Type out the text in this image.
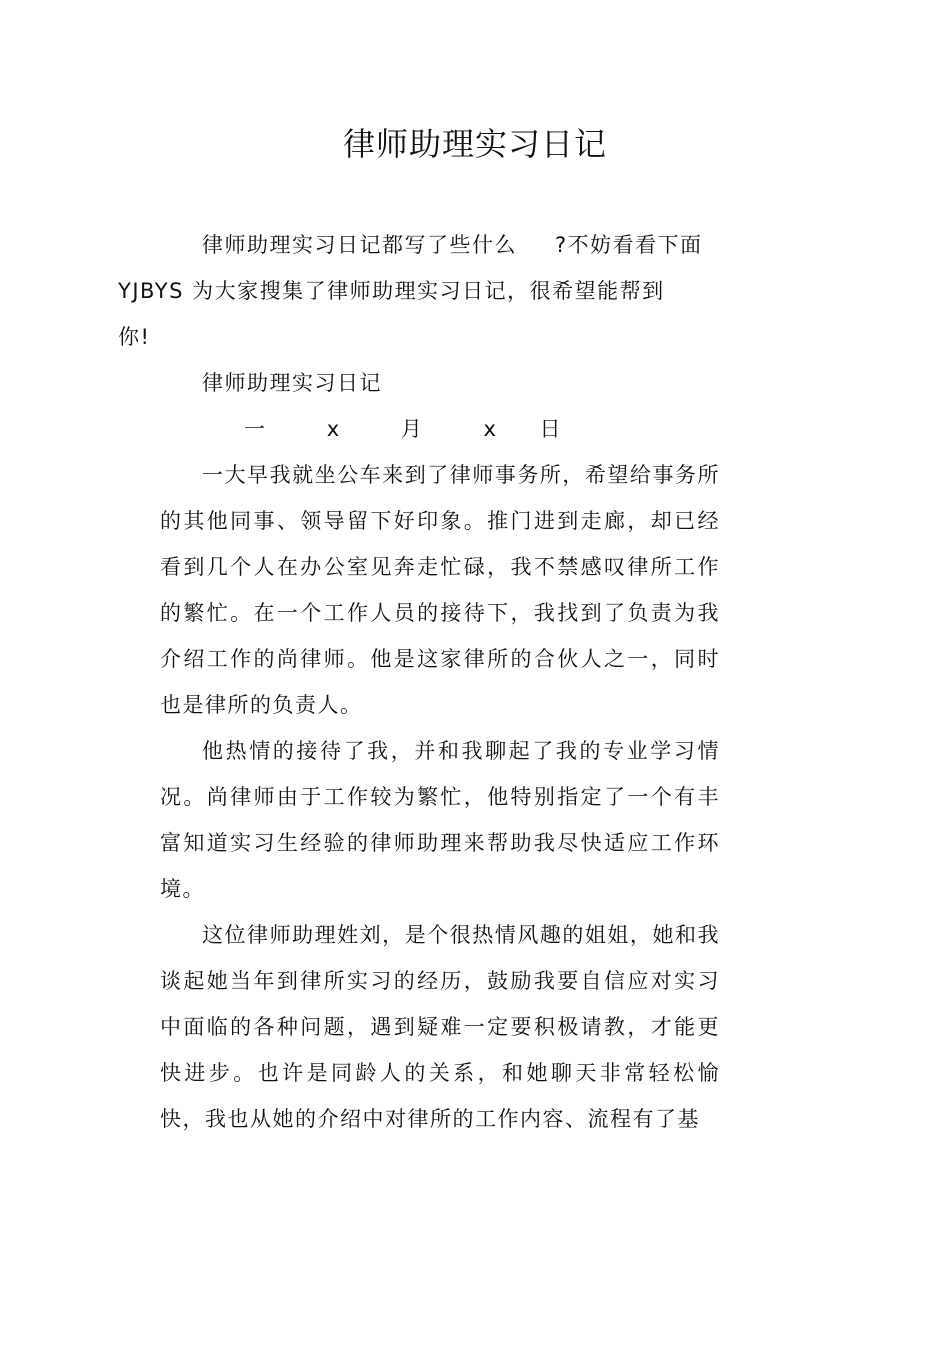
律师助理实习日记

律师助理实习日记都写了些什么 ?不妨看看下面
YJBYS 为大家搜集了律师助理实习日记，很希望能帮到
你!

律师助理实习日记

一	x	月	x 日

一大早我就坐公车来到了律师事务所，希望给事务所的其他同事、领导留下好印象。推门进到走廊，却已经看到几个人在办公室见奔走忙碌，我不禁感叹律所工作的繁忙。在一个工作人员的接待下，我找到了负责为我介绍工作的尚律师。他是这家律所的合伙人之一，同时也是律所的负责人。

他热情的接待了我，并和我聊起了我的专业学习情况。尚律师由于工作较为繁忙，他特别指定了一个有丰富知道实习生经验的律师助理来帮助我尽快适应工作环境。

这位律师助理姓刘，是个很热情风趣的姐姐，她和我谈起她当年到律所实习的经历，鼓励我要自信应对实习中面临的各种问题，遇到疑难一定要积极请教，才能更快进步。也许是同龄人的关系，和她聊天非常轻松愉快，我也从她的介绍中对律所的工作内容、流程有了基
